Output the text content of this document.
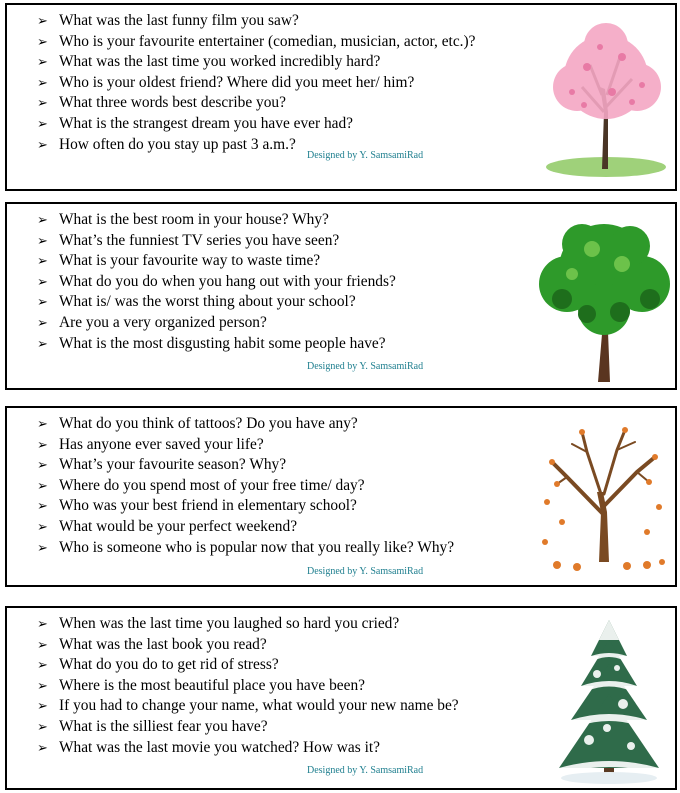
➢ What was the last funny film you saw?
➢ Who is your favourite entertainer (comedian, musician, actor, etc.)?
➢ What was the last time you worked incredibly hard?
➢ Who is your oldest friend? Where did you meet her/ him?
➢ What three words best describe you?
➢ What is the strangest dream you have ever had?
➢ How often do you stay up past 3 a.m.?
Designed by Y. SamsamiRad
➢ What is the best room in your house? Why?
➢ What’s the funniest TV series you have seen?
➢ What is your favourite way to waste time?
➢ What do you do when you hang out with your friends?
➢ What is/ was the worst thing about your school?
➢ Are you a very organized person?
➢ What is the most disgusting habit some people have?
Designed by Y. SamsamiRad
➢ What do you think of tattoos? Do you have any?
➢ Has anyone ever saved your life?
➢ What’s your favourite season? Why?
➢ Where do you spend most of your free time/ day?
➢ Who was your best friend in elementary school?
➢ What would be your perfect weekend?
➢ Who is someone who is popular now that you really like? Why?
Designed by Y. SamsamiRad
➢ When was the last time you laughed so hard you cried?
➢ What was the last book you read?
➢ What do you do to get rid of stress?
➢ Where is the most beautiful place you have been?
➢ If you had to change your name, what would your new name be?
➢ What is the silliest fear you have?
➢ What was the last movie you watched? How was it?
Designed by Y. SamsamiRad
